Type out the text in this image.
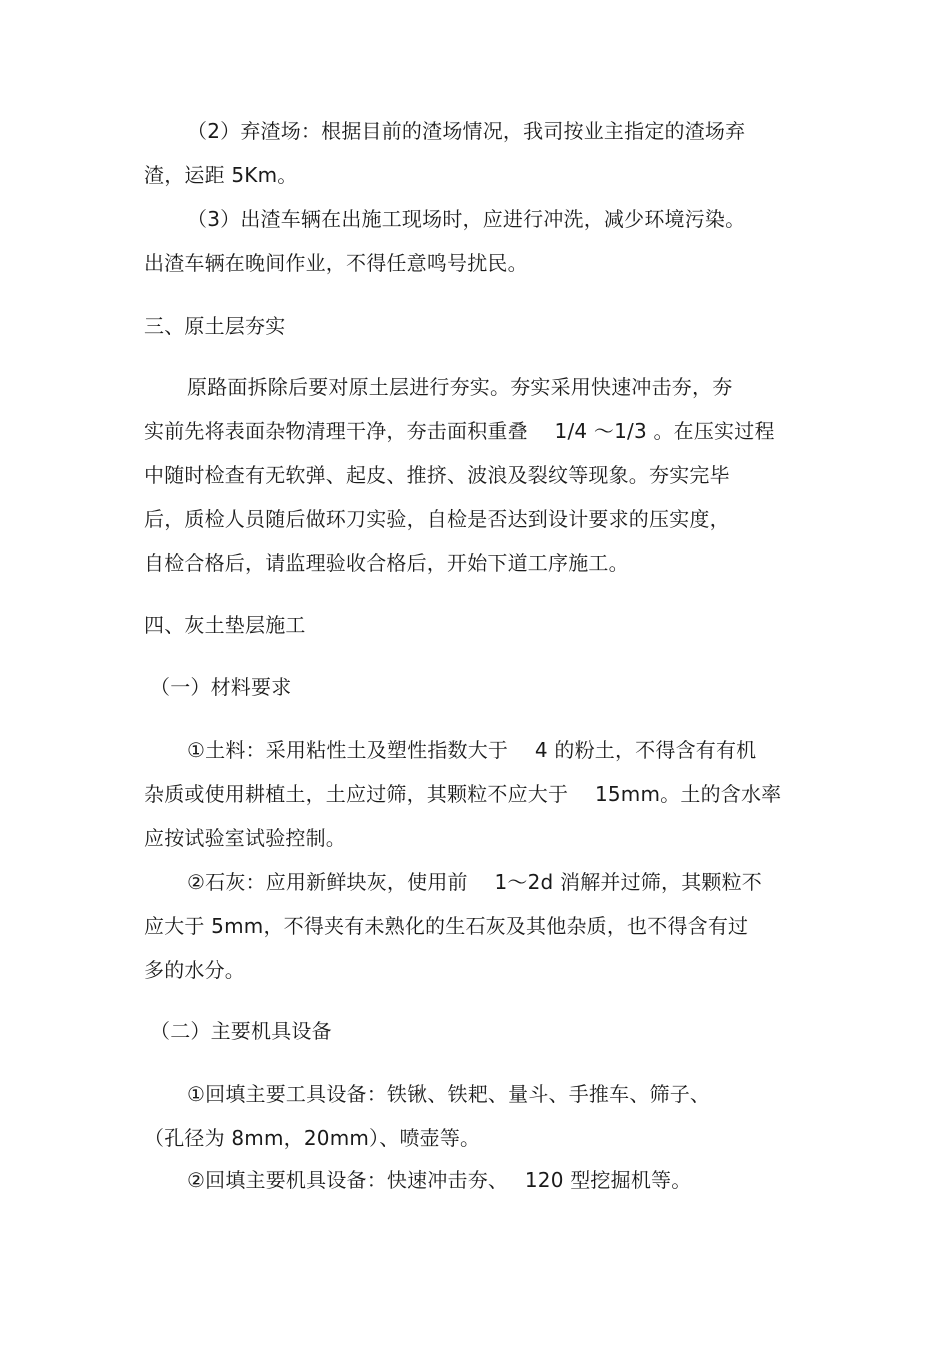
（2）弃渣场：根据目前的渣场情况，我司按业主指定的渣场弃
渣，运距 5Km。
（3）出渣车辆在出施工现场时，应进行冲洗，减少环境污染。
出渣车辆在晚间作业，不得任意鸣号扰民。
三、原土层夯实
原路面拆除后要对原土层进行夯实。夯实采用快速冲击夯，夯
实前先将表面杂物清理干净，夯击面积重叠　 1/4 ～1/3 。在压实过程
中随时检查有无软弹、起皮、推挤、波浪及裂纹等现象。夯实完毕
后，质检人员随后做环刀实验，自检是否达到设计要求的压实度，
自检合格后，请监理验收合格后，开始下道工序施工。
四、灰土垫层施工
（一）材料要求
①土料：采用粘性土及塑性指数大于　 4 的粉土，不得含有有机
杂质或使用耕植土，土应过筛，其颗粒不应大于　 15mm。土的含水率
应按试验室试验控制。
②石灰：应用新鲜块灰，使用前　 1～2d 消解并过筛，其颗粒不
应大于 5mm，不得夹有未熟化的生石灰及其他杂质，也不得含有过
多的水分。
（二）主要机具设备
①回填主要工具设备：铁锹、铁耙、量斗、手推车、筛子、
（孔径为 8mm，20mm）、喷壶等。
②回填主要机具设备：快速冲击夯、　 120 型挖掘机等。
